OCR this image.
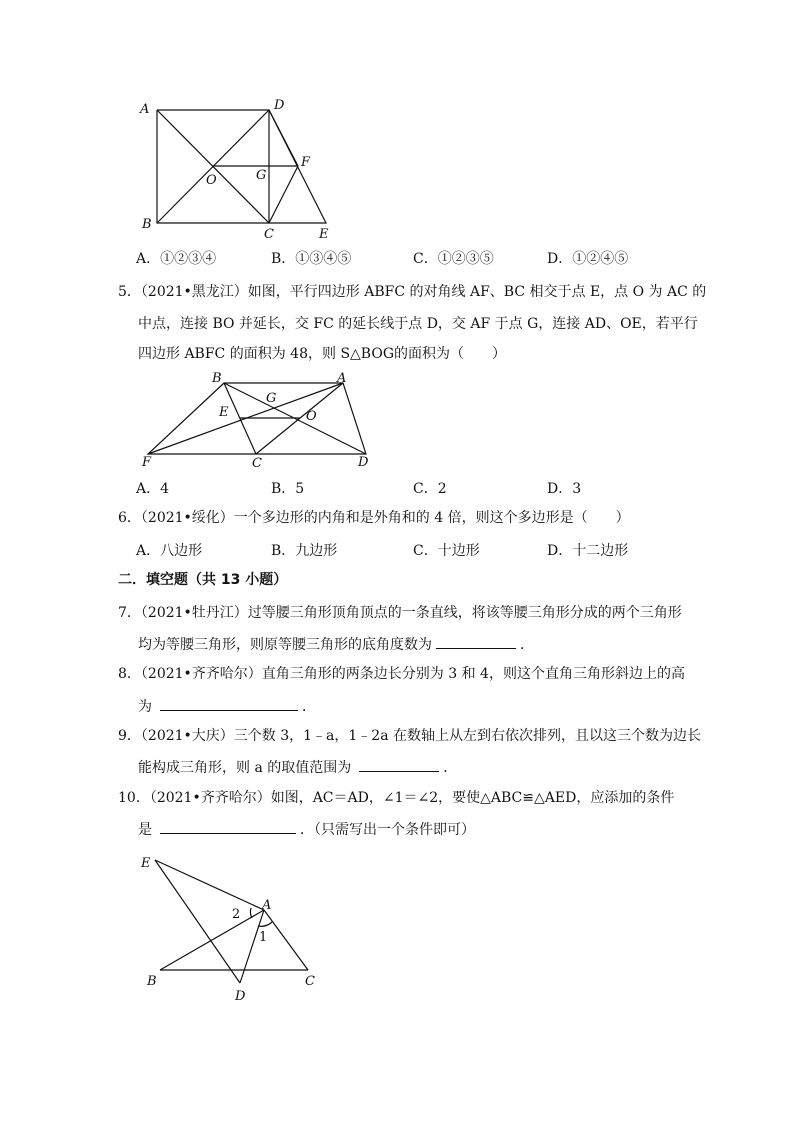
A	D
F
O	G
B
C	E
A．①②③④	B．①③④⑤	C．①②③⑤	D．①②④⑤
5．（2021•黑龙江）如图，平行四边形 ABFC 的对角线 AF、BC 相交于点 E，点 O 为 AC 的
中点，连接 BO 并延长，交 FC 的延长线于点 D，交 AF 于点 G，连接 AD、OE，若平行
四边形 ABFC 的面积为 48，则 S△BOG的面积为（　　）
B	A
G
E	O
F	C	D
A．4	B．5	C．2	D．3
6．（2021•绥化）一个多边形的内角和是外角和的 4 倍，则这个多边形是（　　）
A．八边形	B．九边形	C．十边形	D．十二边形
二．填空题（共 13 小题）
7．（2021•牡丹江）过等腰三角形顶角顶点的一条直线，将该等腰三角形分成的两个三角形
均为等腰三角形，则原等腰三角形的底角度数为	．
8．（2021•齐齐哈尔）直角三角形的两条边长分别为 3 和 4，则这个直角三角形斜边上的高
为	．
9．（2021•大庆）三个数 3，1﹣a，1﹣2a 在数轴上从左到右依次排列，且以这三个数为边长
能构成三角形，则 a 的取值范围为	．
10．（2021•齐齐哈尔）如图，AC＝AD，∠1＝∠2，要使△ABC≌△AED，应添加的条件
是	．（只需写出一个条件即可）
E
A
2
1
B	C
D
